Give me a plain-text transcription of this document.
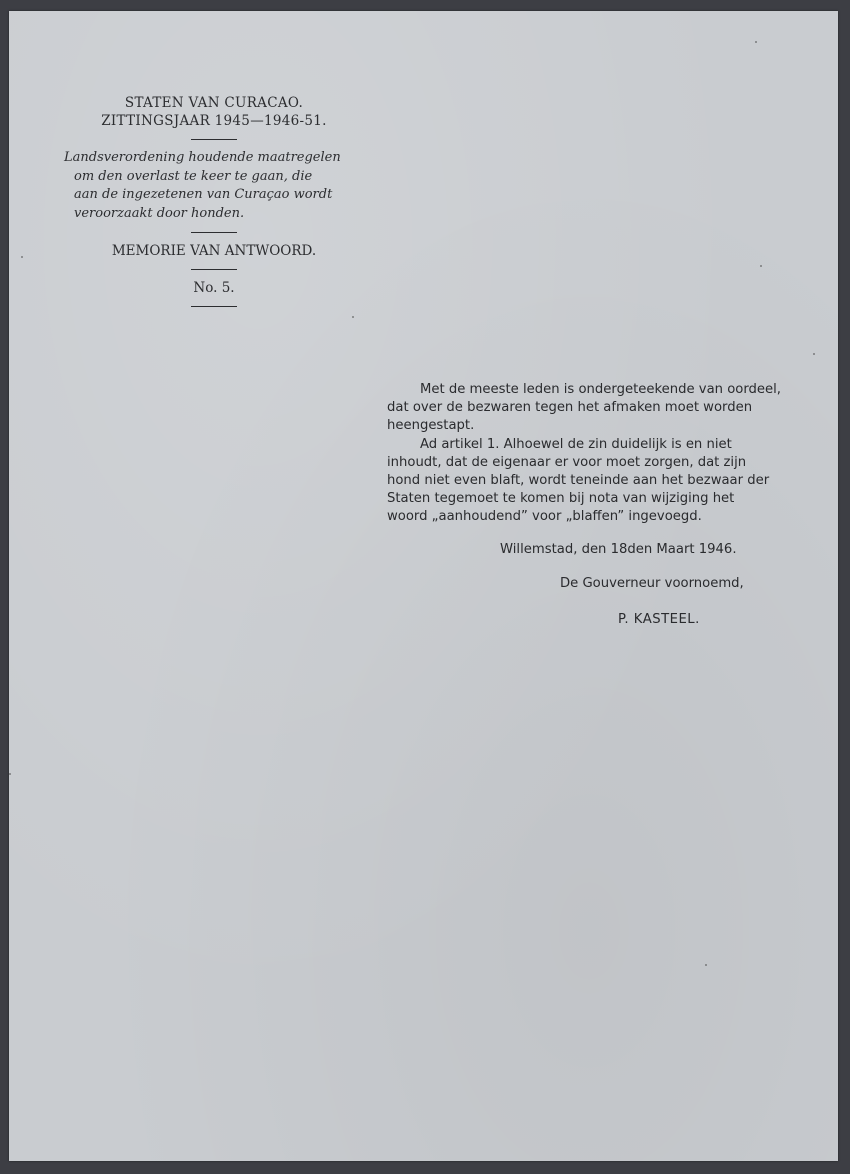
STATEN VAN CURACAO.
ZITTINGSJAAR 1945—1946-51.
Landsverordening houdende maatregelen
om den overlast te keer te gaan, die
aan de ingezetenen van Curaçao wordt
veroorzaakt door honden.
MEMORIE VAN ANTWOORD.
No. 5.
Met de meeste leden is ondergeteekende van oordeel,
dat over de bezwaren tegen het afmaken moet worden
heengestapt.
Ad artikel 1. Alhoewel de zin duidelijk is en niet
inhoudt, dat de eigenaar er voor moet zorgen, dat zijn
hond niet even blaft, wordt teneinde aan het bezwaar der
Staten tegemoet te komen bij nota van wijziging het
woord „aanhoudend” voor „blaffen” ingevoegd.
Willemstad, den 18den Maart 1946.
De Gouverneur voornoemd,
P. KASTEEL.
